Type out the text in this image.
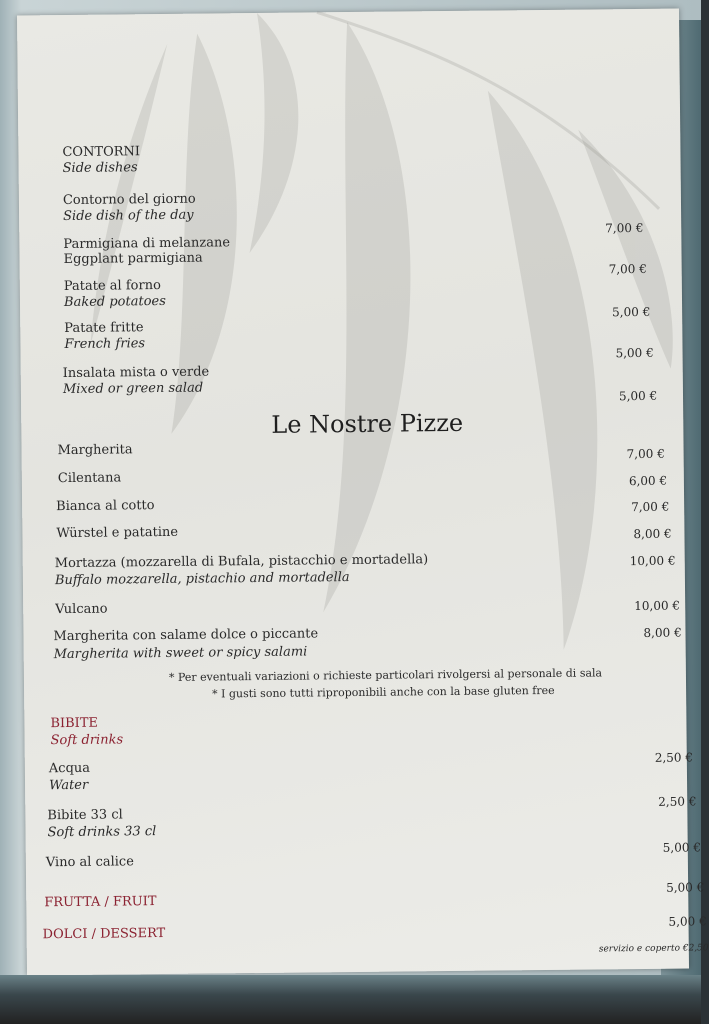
CONTORNI
Side dishes
Contorno del giorno
Side dish of the day
Parmigiana di melanzane
Eggplant parmigiana
Patate al forno
Baked potatoes
Patate fritte
French fries
Insalata mista o verde
Mixed or green salad
7,00 €
7,00 €
5,00 €
5,00 €
5,00 €
Le Nostre Pizze
Margherita
Cilentana
Bianca al cotto
Würstel e patatine
Mortazza (mozzarella di Bufala, pistacchio e mortadella)
Buffalo mozzarella, pistachio and mortadella
Vulcano
Margherita con salame dolce o piccante
Margherita with sweet or spicy salami
7,00 €
6,00 €
7,00 €
8,00 €
10,00 €
10,00 €
8,00 €
* Per eventuali variazioni o richieste particolari rivolgersi al personale di sala
* I gusti sono tutti riproponibili anche con la base gluten free
BIBITE
Soft drinks
Acqua
Water
Bibite 33 cl
Soft drinks 33 cl
Vino al calice
2,50 €
2,50 €
5,00 €
FRUTTA / FRUIT
5,00 €
DOLCI / DESSERT
5,00 €
servizio e coperto €2,50
